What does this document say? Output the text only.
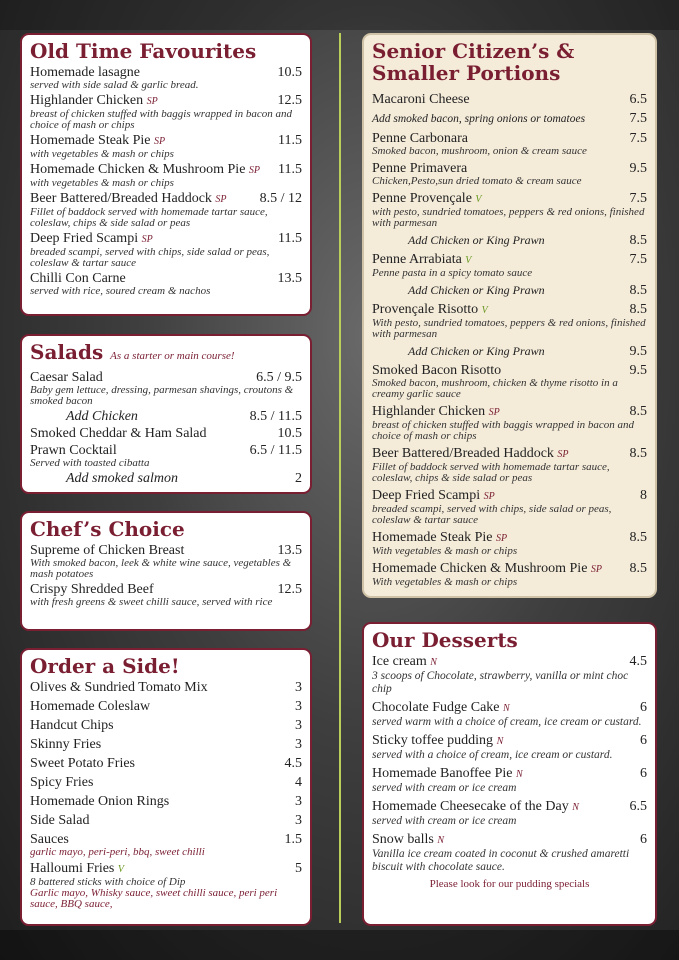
Old Time Favourites
Homemade lasagne	10.5
served with side salad & garlic bread.
Highlander Chicken SP	12.5
breast of chicken stuffed with baggis wrapped in bacon and choice of mash or chips
Homemade Steak Pie SP	11.5
with vegetables & mash or chips
Homemade Chicken & Mushroom Pie SP 11.5
with vegetables & mash or chips
Beer Battered/Breaded Haddock SP 8.5 / 12
Fillet of baddock served with homemade tartar sauce, coleslaw, chips & side salad or peas
Deep Fried Scampi SP	11.5
breaded scampi, served with chips, side salad or peas, coleslaw & tartar sauce
Chilli Con Carne	13.5
served with rice, soured cream & nachos
Salads As a starter or main course!
Caesar Salad	6.5 / 9.5
Baby gem lettuce, dressing, parmesan shavings, croutons & smoked bacon
Add Chicken	8.5 / 11.5
Smoked Cheddar & Ham Salad	10.5
Prawn Cocktail	6.5 / 11.5
Served with toasted cibatta
Add smoked salmon	2
Chef’s Choice
Supreme of Chicken Breast	13.5
With smoked bacon, leek & white wine sauce, vegetables & mash potatoes
Crispy Shredded Beef	12.5
with fresh greens & sweet chilli sauce, served with rice
Order a Side!
Olives & Sundried Tomato Mix	3
Homemade Coleslaw	3
Handcut Chips	3
Skinny Fries	3
Sweet Potato Fries	4.5
Spicy Fries	4
Homemade Onion Rings	3
Side Salad	3
Sauces	1.5
garlic mayo, peri-peri, bbq, sweet chilli
Halloumi Fries V	5
8 battered sticks with choice of Dip
Garlic mayo, Whisky sauce, sweet chilli sauce, peri peri sauce, BBQ sauce,
Senior Citizen’s &
Smaller Portions
Macaroni Cheese	6.5
Add smoked bacon, spring onions or tomatoes	7.5
Penne Carbonara	7.5
Smoked bacon, mushroom, onion & cream sauce
Penne Primavera	9.5
Chicken,Pesto,sun dried tomato & cream sauce
Penne Provençale V	7.5
with pesto, sundried tomatoes, peppers & red onions, finished with parmesan
Add Chicken or King Prawn	8.5
Penne Arrabiata V	7.5
Penne pasta in a spicy tomato sauce
Add Chicken or King Prawn	8.5
Provençale Risotto V	8.5
With pesto, sundried tomatoes, peppers & red onions, finished with parmesan
Add Chicken or King Prawn	9.5
Smoked Bacon Risotto	9.5
Smoked bacon, mushroom, chicken & thyme risotto in a creamy garlic sauce
Highlander Chicken SP	8.5
breast of chicken stuffed with baggis wrapped in bacon and choice of mash or chips
Beer Battered/Breaded Haddock SP	8.5
Fillet of baddock served with homemade tartar sauce, coleslaw, chips & side salad or peas
Deep Fried Scampi SP	8
breaded scampi, served with chips, side salad or peas, coleslaw & tartar sauce
Homemade Steak Pie SP	8.5
With vegetables & mash or chips
Homemade Chicken & Mushroom Pie SP 8.5
With vegetables & mash or chips
Our Desserts
Ice cream N	4.5
3 scoops of Chocolate, strawberry, vanilla or mint choc chip
Chocolate Fudge Cake N	6
served warm with a choice of cream, ice cream or custard.
Sticky toffee pudding N	6
served with a choice of cream, ice cream or custard.
Homemade Banoffee Pie N	6
served with cream or ice cream
Homemade Cheesecake of the Day N	6.5
served with cream or ice cream
Snow balls N	6
Vanilla ice cream coated in coconut & crushed amaretti biscuit with chocolate sauce.
Please look for our pudding specials
